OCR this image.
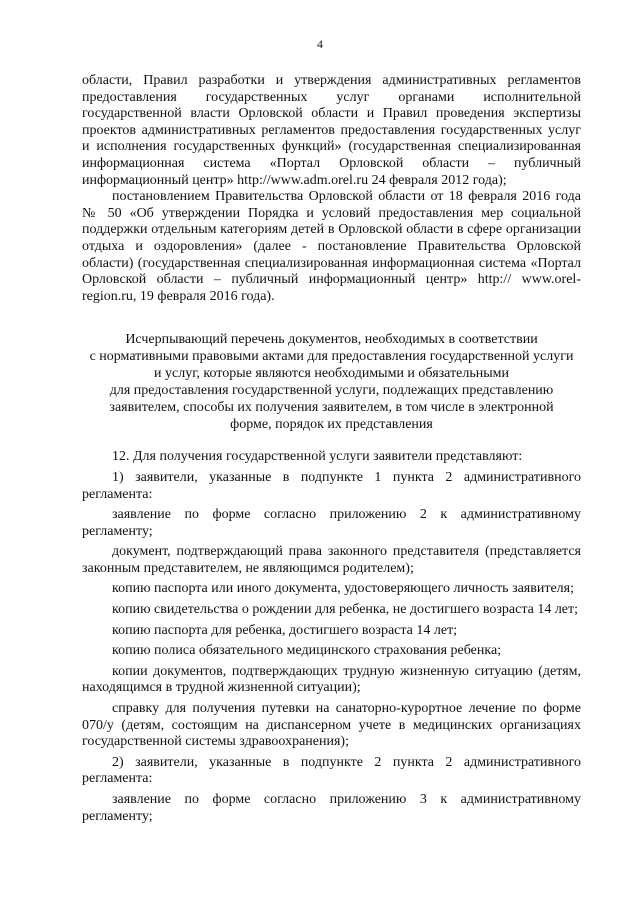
4

области, Правил разработки и утверждения административных регламентов предоставления государственных услуг органами исполнительной государственной власти Орловской области и Правил проведения экспертизы проектов административных регламентов предоставления государственных услуг и исполнения государственных функций» (государственная специализированная информационная система «Портал Орловской области – публичный информационный центр» http://www.adm.orel.ru 24 февраля 2012 года);

постановлением Правительства Орловской области от 18 февраля 2016 года № 50 «Об утверждении Порядка и условий предоставления мер социальной поддержки отдельным категориям детей в Орловской области в сфере организации отдыха и оздоровления» (далее - постановление Правительства Орловской области) (государственная специализированная информационная система «Портал Орловской области – публичный информационный центр» http:// www.orel-region.ru, 19 февраля 2016 года).

Исчерпывающий перечень документов, необходимых в соответствии
с нормативными правовыми актами для предоставления государственной услуги
и услуг, которые являются необходимыми и обязательными
для предоставления государственной услуги, подлежащих представлению
заявителем, способы их получения заявителем, в том числе в электронной
форме, порядок их представления

12. Для получения государственной услуги заявители представляют:

1) заявители, указанные в подпункте 1 пункта 2 административного регламента:

заявление по форме согласно приложению 2 к административному регламенту;

документ, подтверждающий права законного представителя (представляется законным представителем, не являющимся родителем);

копию паспорта или иного документа, удостоверяющего личность заявителя;

копию свидетельства о рождении для ребенка, не достигшего возраста 14 лет;

копию паспорта для ребенка, достигшего возраста 14 лет;

копию полиса обязательного медицинского страхования ребенка;

копии документов, подтверждающих трудную жизненную ситуацию (детям, находящимся в трудной жизненной ситуации);

справку для получения путевки на санаторно-курортное лечение по форме 070/у (детям, состоящим на диспансерном учете в медицинских организациях государственной системы здравоохранения);

2) заявители, указанные в подпункте 2 пункта 2 административного регламента:

заявление по форме согласно приложению 3 к административному регламенту;
